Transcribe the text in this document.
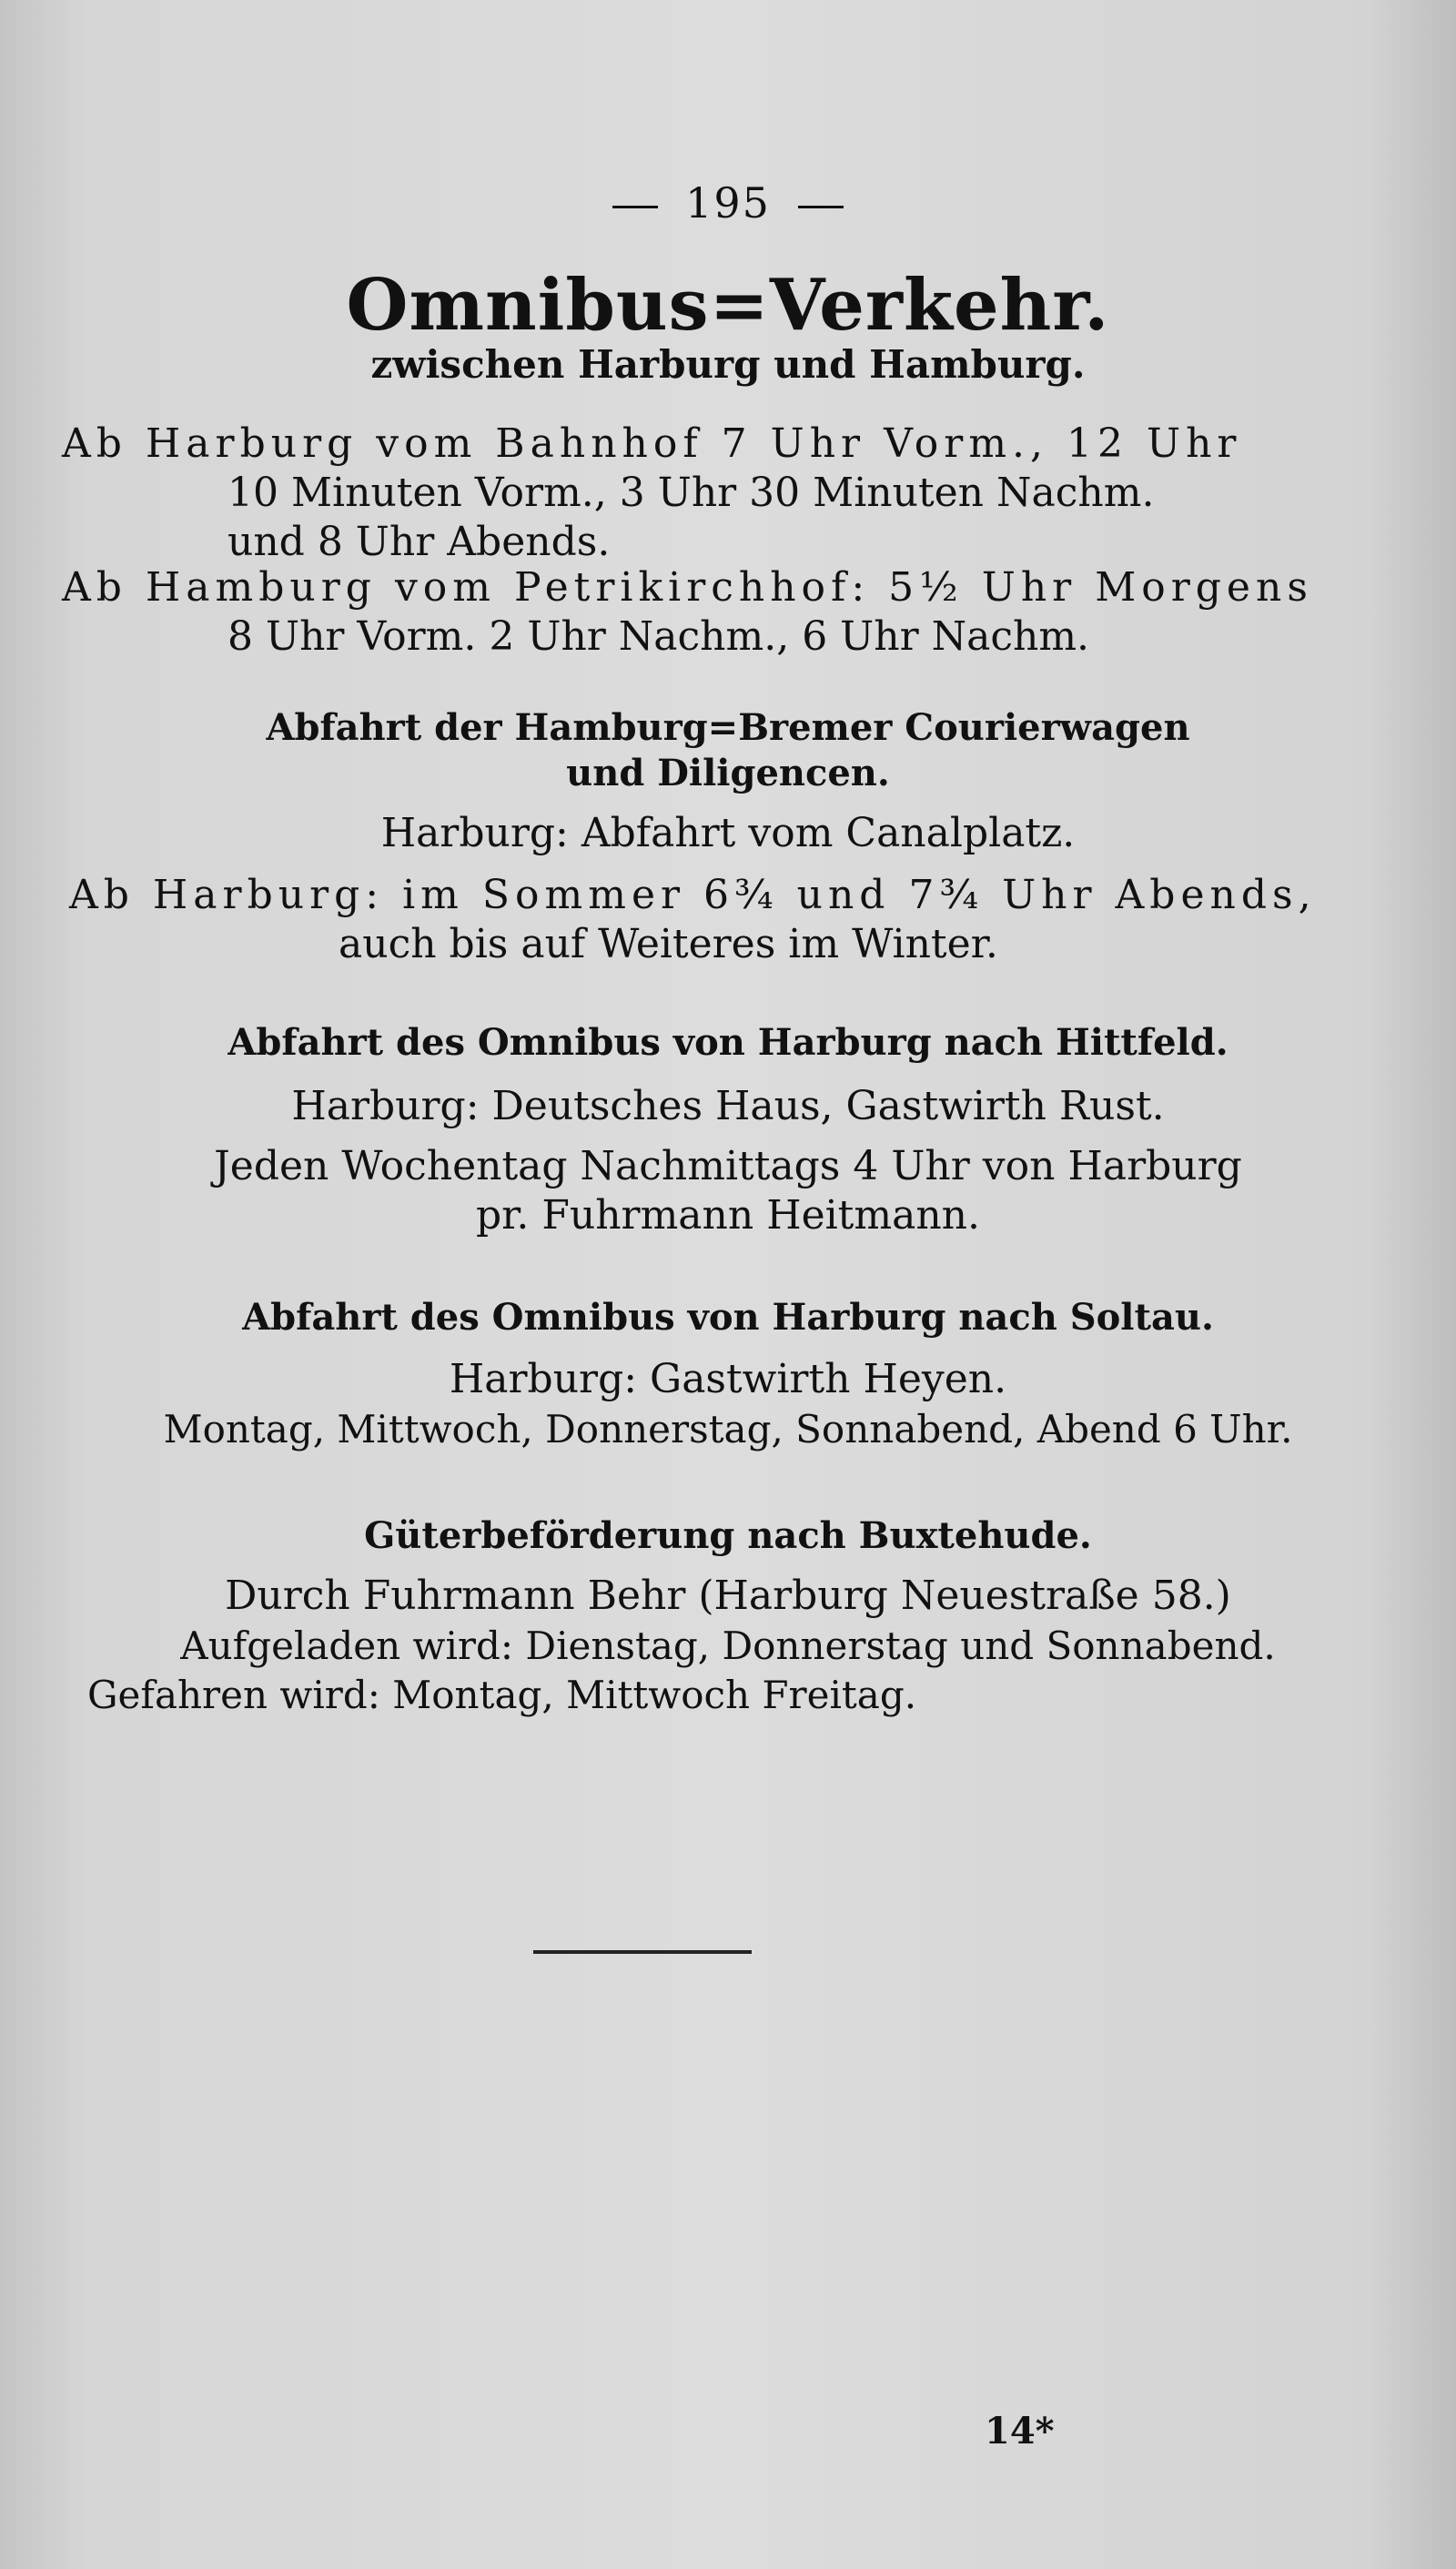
195
Omnibus=Verkehr.
zwischen Harburg und Hamburg.
Ab Harburg vom Bahnhof 7 Uhr Vorm., 12 Uhr
10 Minuten Vorm., 3 Uhr 30 Minuten Nachm.
und 8 Uhr Abends.
Ab Hamburg vom Petrikirchhof: 5½ Uhr Morgens
8 Uhr Vorm. 2 Uhr Nachm., 6 Uhr Nachm.
Abfahrt der Hamburg=Bremer Courierwagen
und Diligencen.
Harburg: Abfahrt vom Canalplatz.
Ab Harburg: im Sommer 6¾ und 7¾ Uhr Abends,
auch bis auf Weiteres im Winter.
Abfahrt des Omnibus von Harburg nach Hittfeld.
Harburg: Deutsches Haus, Gastwirth Rust.
Jeden Wochentag Nachmittags 4 Uhr von Harburg
pr. Fuhrmann Heitmann.
Abfahrt des Omnibus von Harburg nach Soltau.
Harburg: Gastwirth Heyen.
Montag, Mittwoch, Donnerstag, Sonnabend, Abend 6 Uhr.
Güterbeförderung nach Buxtehude.
Durch Fuhrmann Behr (Harburg Neuestraße 58.)
Aufgeladen wird: Dienstag, Donnerstag und Sonnabend.
Gefahren wird: Montag, Mittwoch Freitag.
14*
